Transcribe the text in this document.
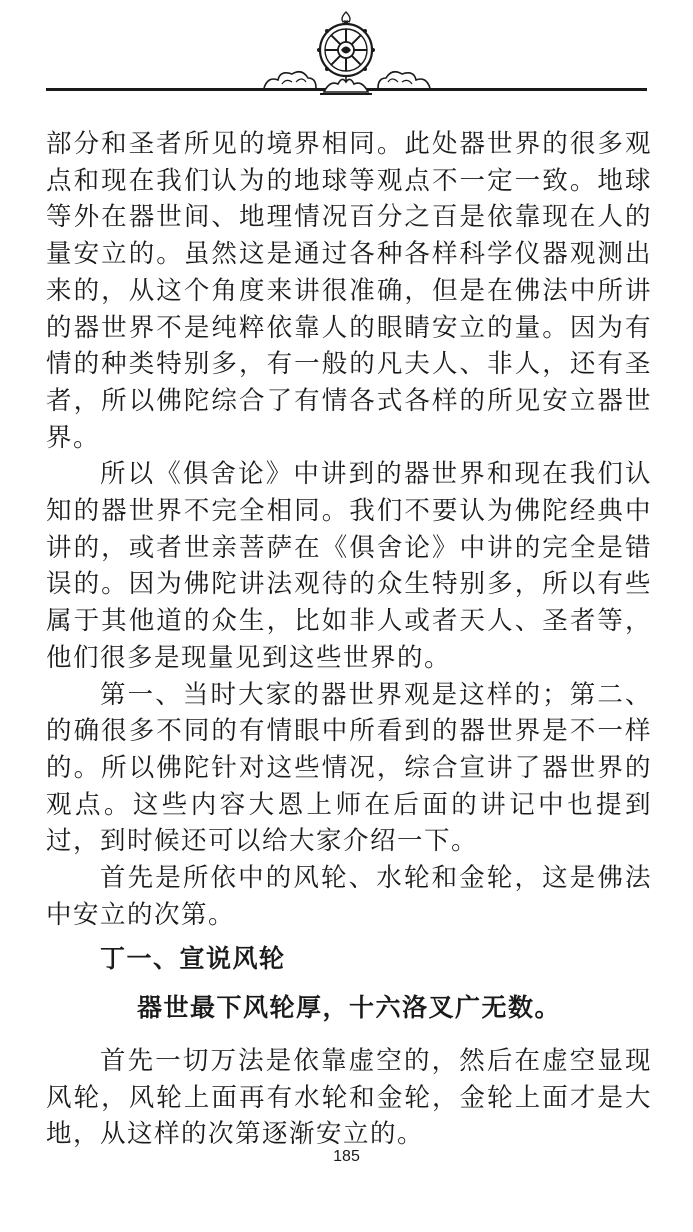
部分和圣者所见的境界相同。此处器世界的很多观点和现在我们认为的地球等观点不一定一致。地球等外在器世间、地理情况百分之百是依靠现在人的量安立的。虽然这是通过各种各样科学仪器观测出来的，从这个角度来讲很准确，但是在佛法中所讲的器世界不是纯粹依靠人的眼睛安立的量。因为有情的种类特别多，有一般的凡夫人、非人，还有圣者，所以佛陀综合了有情各式各样的所见安立器世界。

所以《俱舍论》中讲到的器世界和现在我们认知的器世界不完全相同。我们不要认为佛陀经典中讲的，或者世亲菩萨在《俱舍论》中讲的完全是错误的。因为佛陀讲法观待的众生特别多，所以有些属于其他道的众生，比如非人或者天人、圣者等，他们很多是现量见到这些世界的。

第一、当时大家的器世界观是这样的；第二、的确很多不同的有情眼中所看到的器世界是不一样的。所以佛陀针对这些情况，综合宣讲了器世界的观点。这些内容大恩上师在后面的讲记中也提到过，到时候还可以给大家介绍一下。

首先是所依中的风轮、水轮和金轮，这是佛法中安立的次第。

丁一、宣说风轮
器世最下风轮厚，十六洛叉广无数。

首先一切万法是依靠虚空的，然后在虚空显现风轮，风轮上面再有水轮和金轮，金轮上面才是大地，从这样的次第逐渐安立的。

185
